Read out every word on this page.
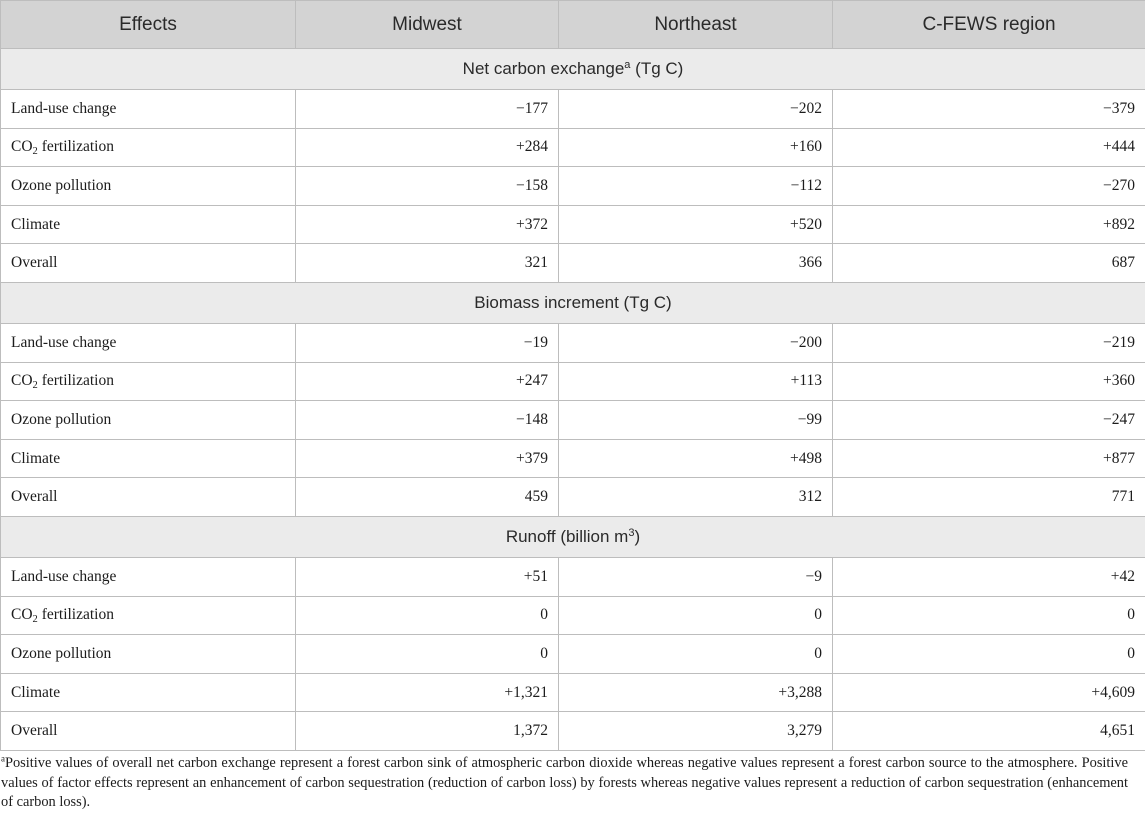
Effects	Midwest	Northeast	C-FEWS region
Net carbon exchange$^a$ (Tg C)			
Land-use change	−177	−202	−379
$CO_2$ fertilization	+284	+160	+444
Ozone pollution	−158	−112	−270
Climate	+372	+520	+892
Overall	321	366	687
Biomass increment (Tg C)			
Land-use change	−19	−200	−219
$CO_2$ fertilization	+247	+113	+360
Ozone pollution	−148	−99	−247
Climate	+379	+498	+877
Overall	459	312	771
Runoff (billion $m^3$)			
Land-use change	+51	−9	+42
$CO_2$ fertilization	0	0	0
Ozone pollution	0	0	0
Climate	+1,321	+3,288	+4,609
Overall	1,372	3,279	4,651
$^a$Positive values of overall net carbon exchange represent a forest carbon sink of atmospheric carbon dioxide whereas negative values represent a forest carbon source to the atmosphere. Positive values of factor effects represent an enhancement of carbon sequestration (reduction of carbon loss) by forests whereas negative values represent a reduction of carbon sequestration (enhancement of carbon loss).
